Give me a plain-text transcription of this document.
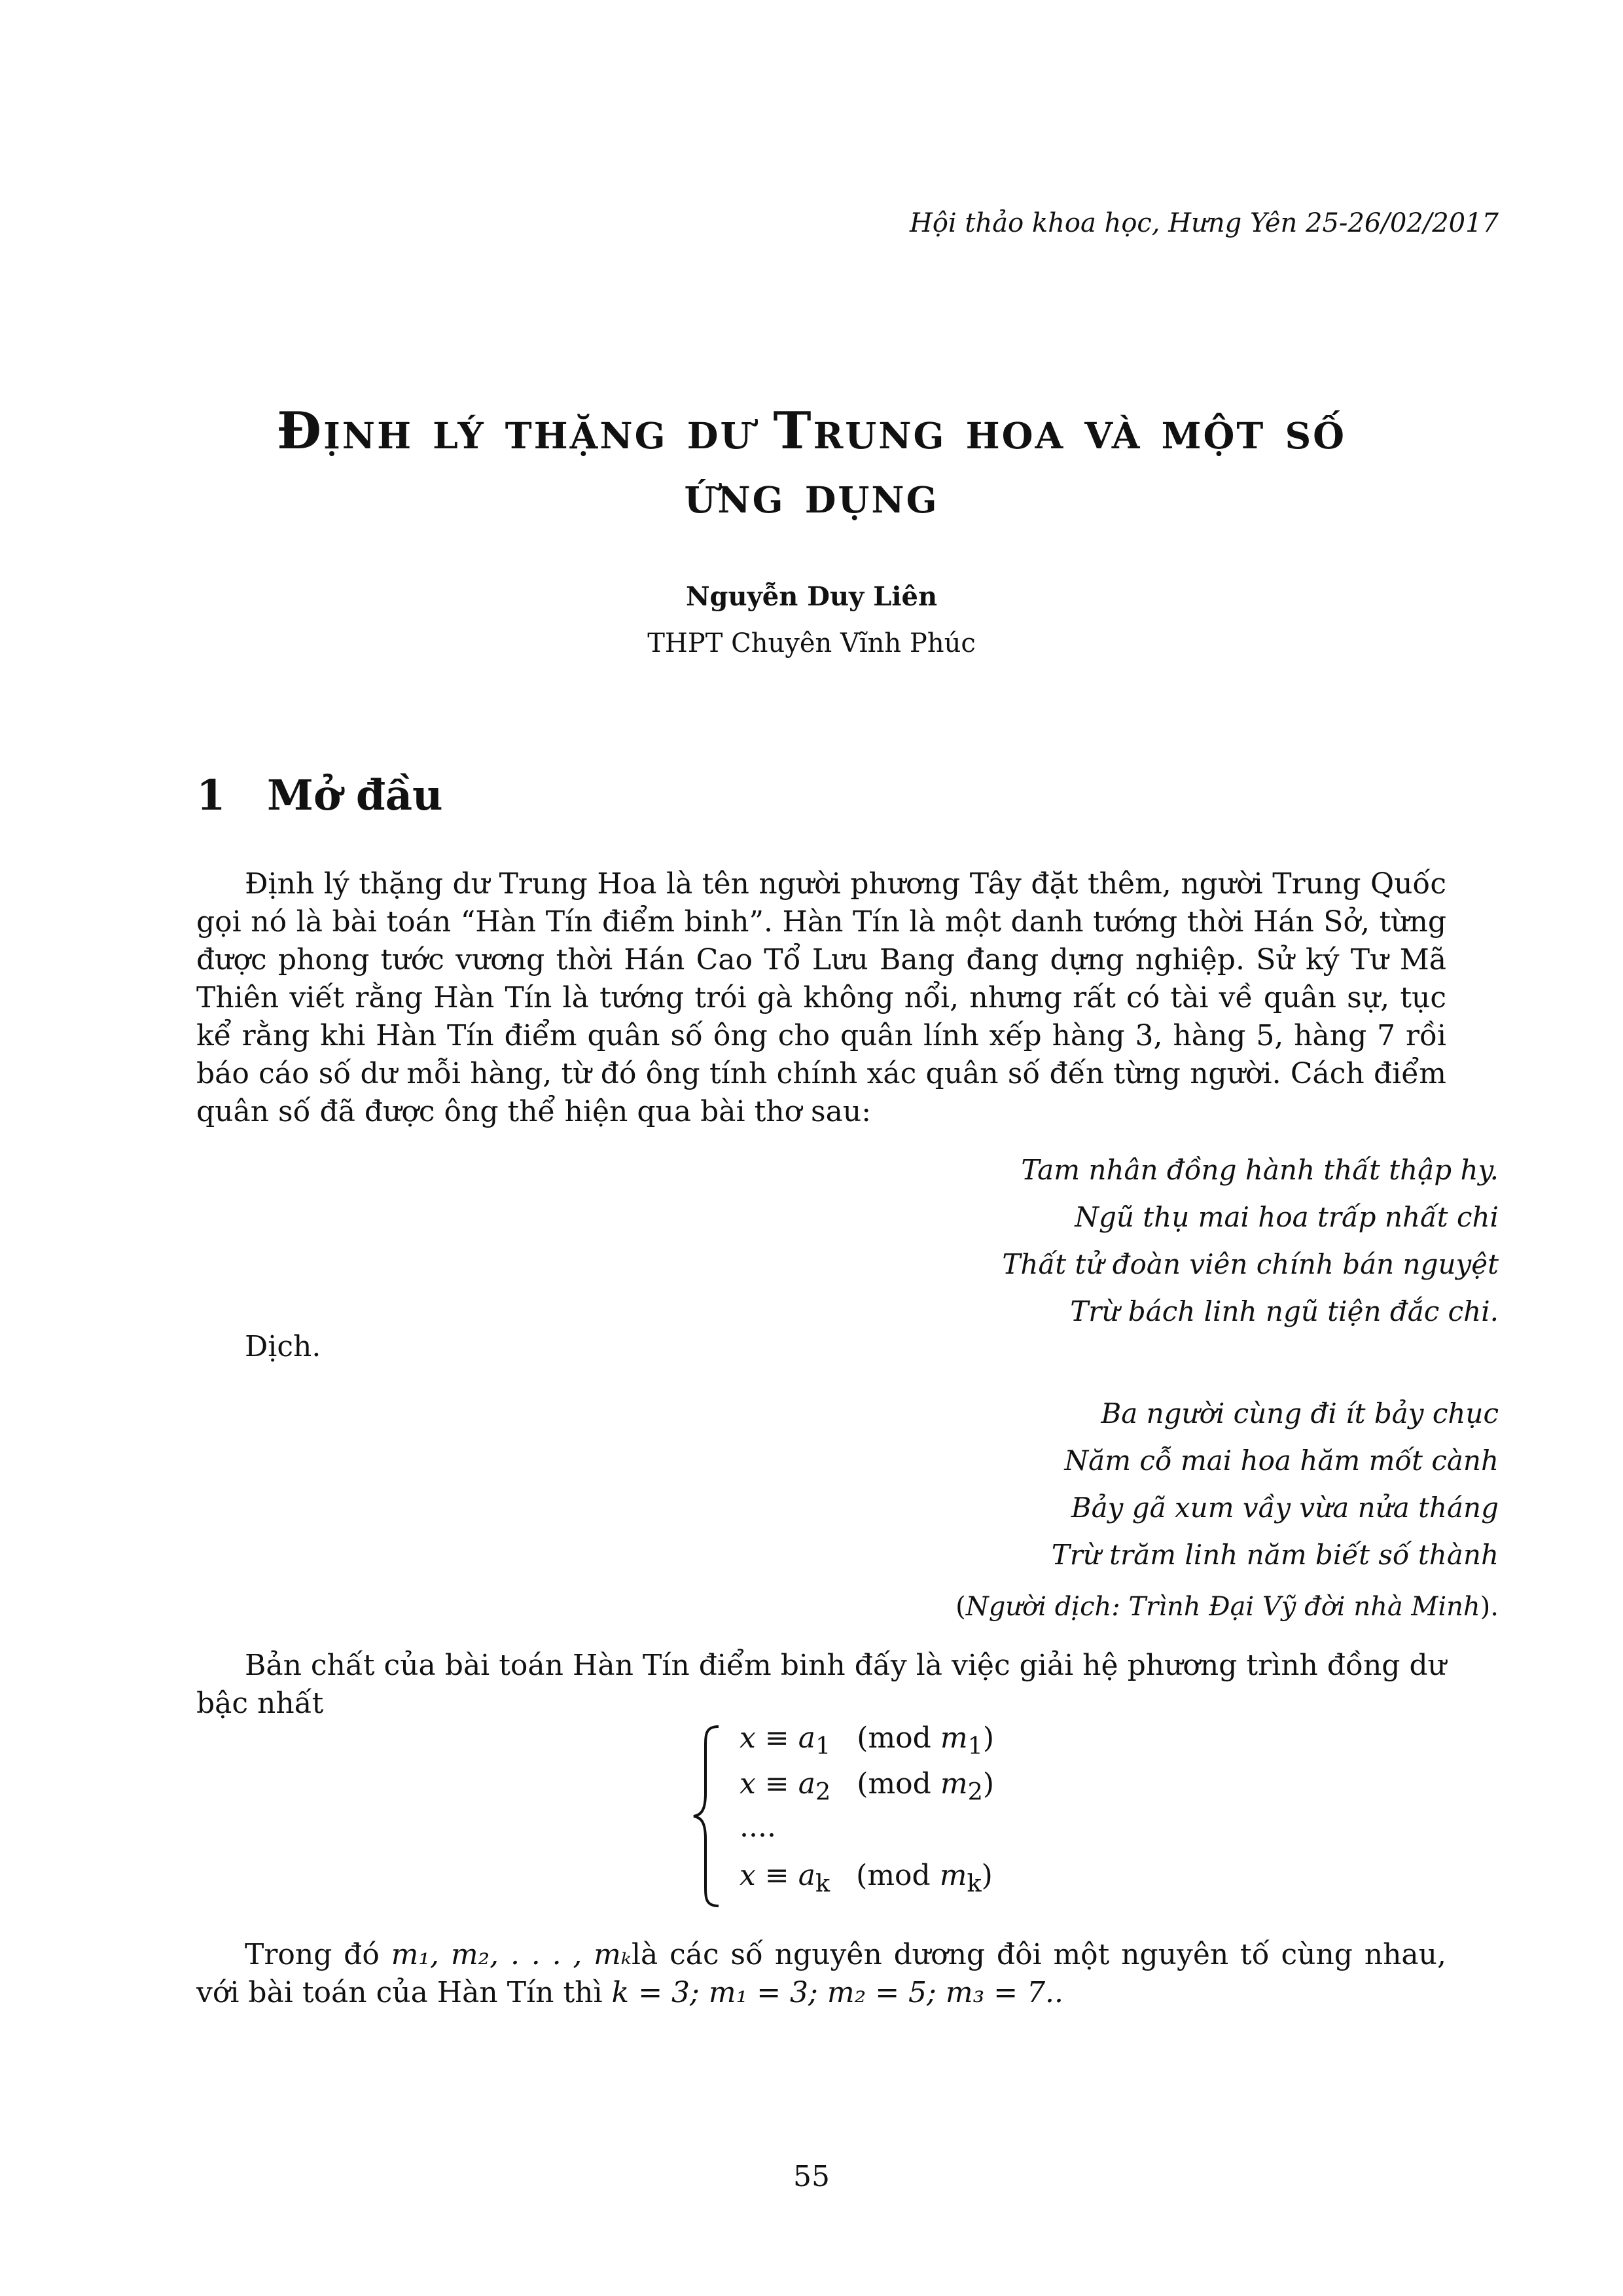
Hội thảo khoa học, Hưng Yên 25-26/02/2017
Định lý thặng dư Trung hoa và một số
ứng dụng
Nguyễn Duy Liên
THPT Chuyên Vĩnh Phúc
1 Mở đầu

Định lý thặng dư Trung Hoa là tên người phương Tây đặt thêm, người Trung Quốc gọi nó là bài toán “Hàn Tín điểm binh”. Hàn Tín là một danh tướng thời Hán Sở, từng được phong tước vương thời Hán Cao Tổ Lưu Bang đang dựng nghiệp. Sử ký Tư Mã Thiên viết rằng Hàn Tín là tướng trói gà không nổi, nhưng rất có tài về quân sự, tục kể rằng khi Hàn Tín điểm quân số ông cho quân lính xếp hàng 3, hàng 5, hàng 7 rồi báo cáo số dư mỗi hàng, từ đó ông tính chính xác quân số đến từng người. Cách điểm quân số đã được ông thể hiện qua bài thơ sau:

Tam nhân đồng hành thất thập hy.
Ngũ thụ mai hoa trấp nhất chi
Thất tử đoàn viên chính bán nguyệt
Trừ bách linh ngũ tiện đắc chi.
Dịch.
Ba người cùng đi ít bảy chục
Năm cỗ mai hoa hăm mốt cành
Bảy gã xum vầy vừa nửa tháng
Trừ trăm linh năm biết số thành
(Người dịch: Trình Đại Vỹ đời nhà Minh).

Bản chất của bài toán Hàn Tín điểm binh đấy là việc giải hệ phương trình đồng dư bậc nhất

$x \equiv a_1$ (mod $m_1$)
$x \equiv a_2$ (mod $m_2$)
....
$x \equiv a_k$ (mod $m_k$)

Trong đó m₁, m₂, . . . , mₖlà các số nguyên dương đôi một nguyên tố cùng nhau, với bài toán của Hàn Tín thì k = 3; m₁ = 3; m₂ = 5; m₃ = 7..

55
